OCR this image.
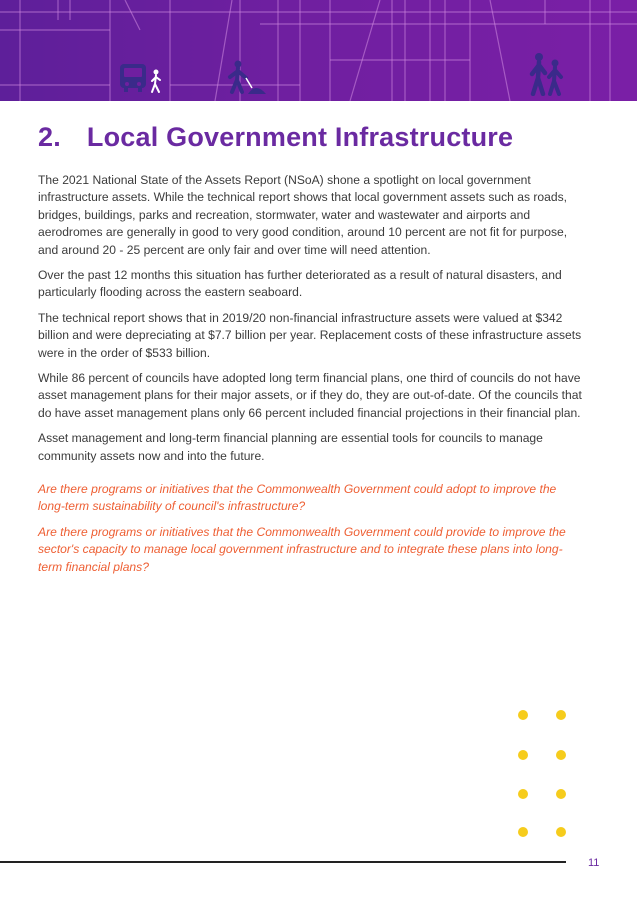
2. Local Government Infrastructure

The 2021 National State of the Assets Report (NSoA) shone a spotlight on local government infrastructure assets. While the technical report shows that local government assets such as roads, bridges, buildings, parks and recreation, stormwater, water and wastewater and airports and aerodromes are generally in good to very good condition, around 10 percent are not fit for purpose, and around 20 - 25 percent are only fair and over time will need attention.

Over the past 12 months this situation has further deteriorated as a result of natural disasters, and particularly flooding across the eastern seaboard.

The technical report shows that in 2019/20 non-financial infrastructure assets were valued at $342 billion and were depreciating at $7.7 billion per year. Replacement costs of these infrastructure assets were in the order of $533 billion.

While 86 percent of councils have adopted long term financial plans, one third of councils do not have asset management plans for their major assets, or if they do, they are out-of-date. Of the councils that do have asset management plans only 66 percent included financial projections in their financial plan.

Asset management and long-term financial planning are essential tools for councils to manage community assets now and into the future.

Are there programs or initiatives that the Commonwealth Government could adopt to improve the long-term sustainability of council's infrastructure?

Are there programs or initiatives that the Commonwealth Government could provide to improve the sector's capacity to manage local government infrastructure and to integrate these plans into long-term financial plans?

11
